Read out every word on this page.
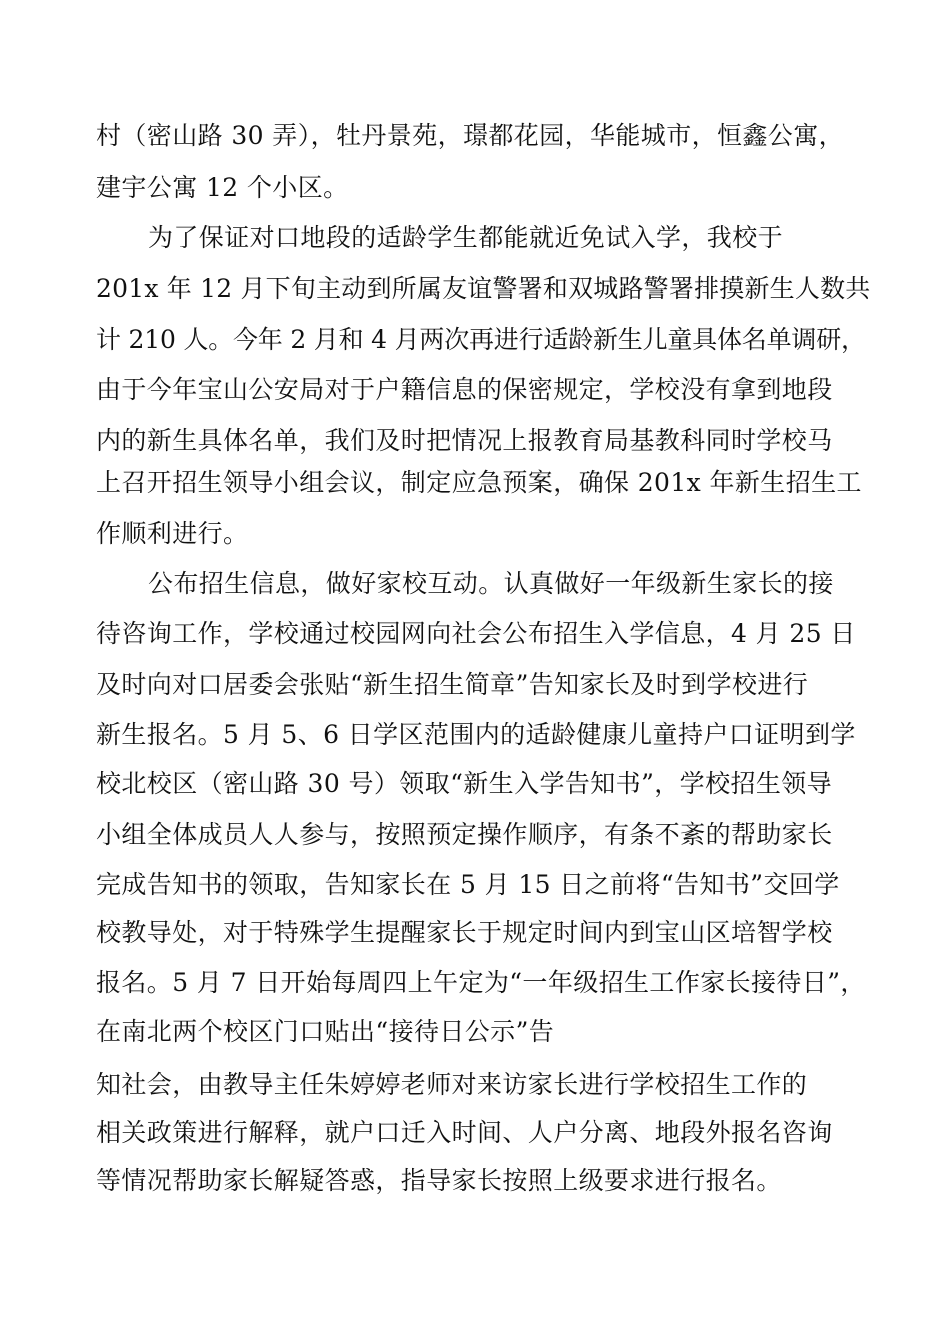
村（密山路 30 弄），牡丹景苑，璟都花园，华能城市，恒鑫公寓，
建宇公寓 12 个小区。
为了保证对口地段的适龄学生都能就近免试入学，我校于
201x 年 12 月下旬主动到所属友谊警署和双城路警署排摸新生人数共
计 210 人。今年 2 月和 4 月两次再进行适龄新生儿童具体名单调研，
由于今年宝山公安局对于户籍信息的保密规定，学校没有拿到地段
内的新生具体名单，我们及时把情况上报教育局基教科同时学校马
上召开招生领导小组会议，制定应急预案，确保 201x 年新生招生工
作顺利进行。
公布招生信息，做好家校互动。认真做好一年级新生家长的接
待咨询工作，学校通过校园网向社会公布招生入学信息，4 月 25 日
及时向对口居委会张贴“新生招生简章”告知家长及时到学校进行
新生报名。5 月 5、6 日学区范围内的适龄健康儿童持户口证明到学
校北校区（密山路 30 号）领取“新生入学告知书”，学校招生领导
小组全体成员人人参与，按照预定操作顺序，有条不紊的帮助家长
完成告知书的领取，告知家长在 5 月 15 日之前将“告知书”交回学
校教导处，对于特殊学生提醒家长于规定时间内到宝山区培智学校
报名。5 月 7 日开始每周四上午定为“一年级招生工作家长接待日”，
在南北两个校区门口贴出“接待日公示”告
知社会，由教导主任朱婷婷老师对来访家长进行学校招生工作的
相关政策进行解释，就户口迁入时间、人户分离、地段外报名咨询
等情况帮助家长解疑答惑，指导家长按照上级要求进行报名。
